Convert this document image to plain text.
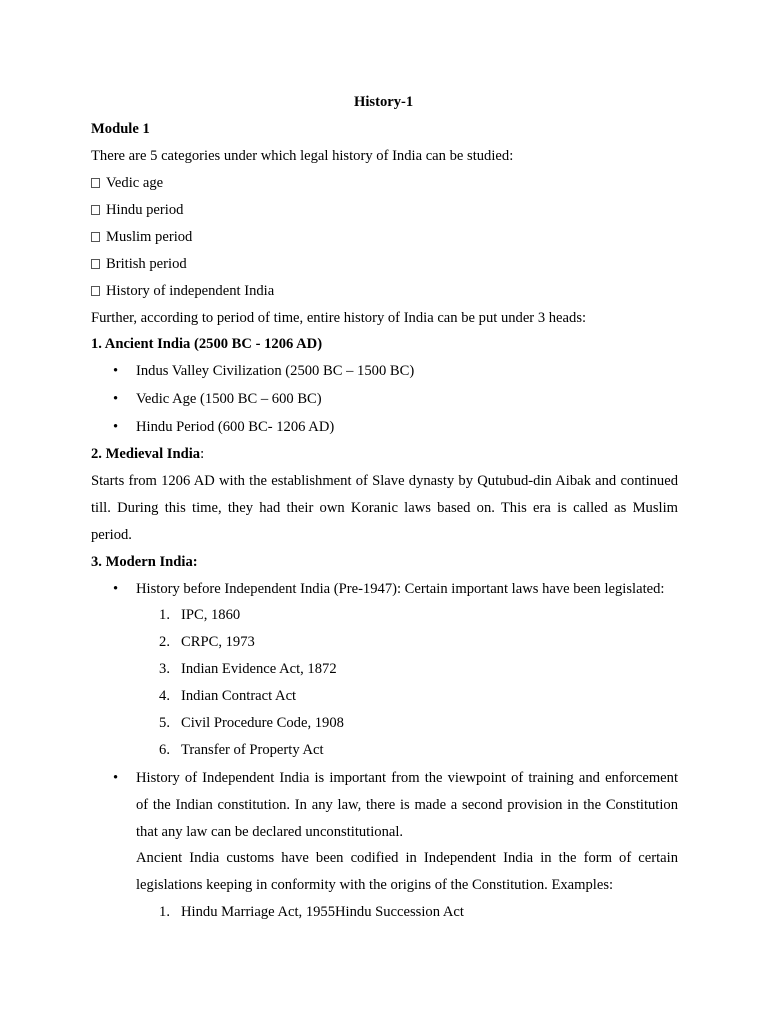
History-1
Module 1
There are 5 categories under which legal history of India can be studied:
Vedic age
Hindu period
Muslim period
British period
History of independent India
Further, according to period of time, entire history of India can be put under 3 heads:
1. Ancient India (2500 BC - 1206 AD)
• Indus Valley Civilization (2500 BC – 1500 BC)
• Vedic Age (1500 BC – 600 BC)
• Hindu Period (600 BC- 1206 AD)
2. Medieval India:
Starts from 1206 AD with the establishment of Slave dynasty by Qutubud-din Aibak and continued
till. During this time, they had their own Koranic laws based on. This era is called as Muslim
period.
3. Modern India:
• History before Independent India (Pre-1947): Certain important laws have been legislated:
1. IPC, 1860
2. CRPC, 1973
3. Indian Evidence Act, 1872
4. Indian Contract Act
5. Civil Procedure Code, 1908
6. Transfer of Property Act
• History of Independent India is important from the viewpoint of training and enforcement
of the Indian constitution. In any law, there is made a second provision in the Constitution
that any law can be declared unconstitutional.
Ancient India customs have been codified in Independent India in the form of certain
legislations keeping in conformity with the origins of the Constitution. Examples:
1. Hindu Marriage Act, 1955Hindu Succession Act
